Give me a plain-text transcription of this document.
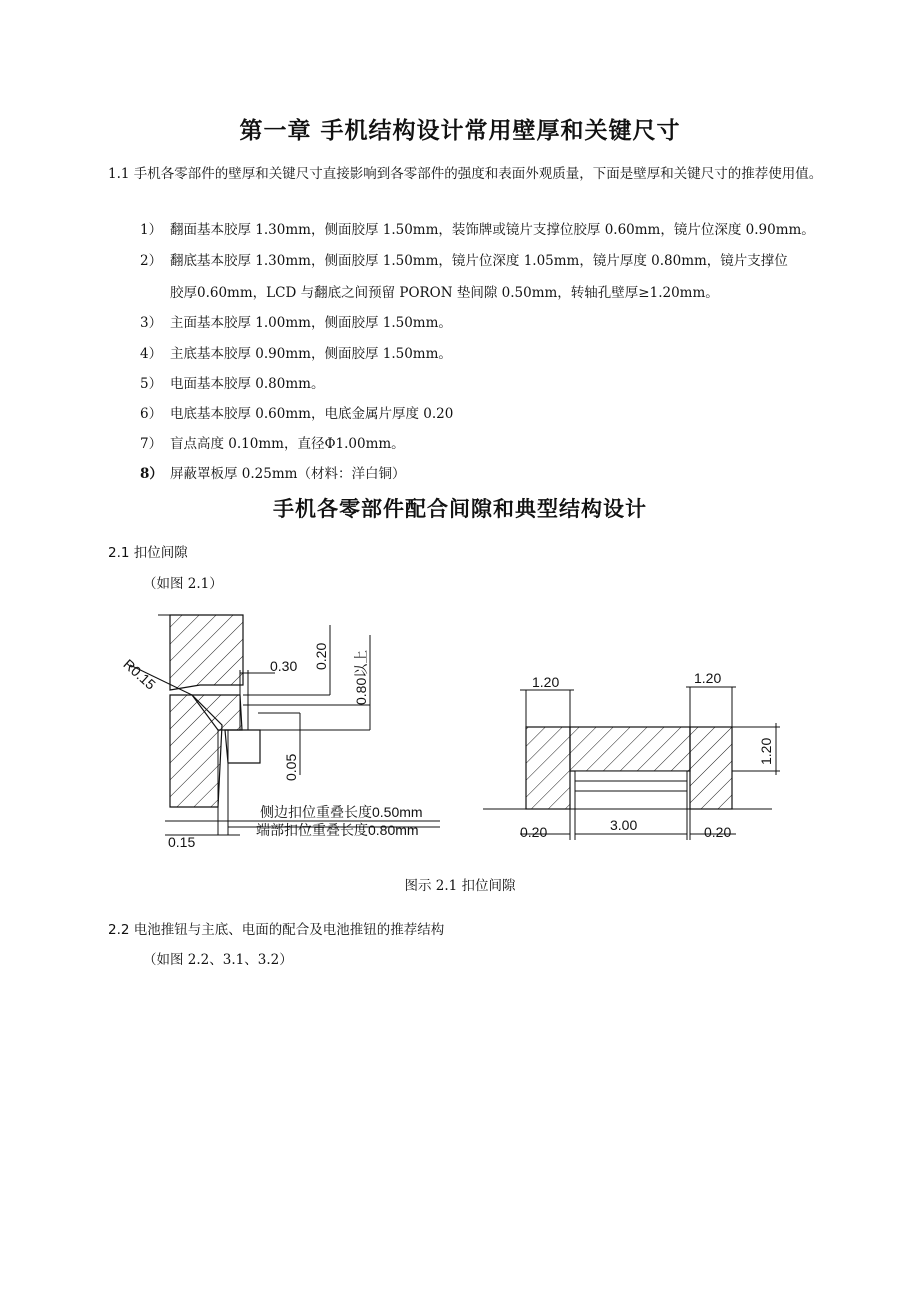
第一章 手机结构设计常用壁厚和关键尺寸
1.1 手机各零部件的壁厚和关键尺寸直接影响到各零部件的强度和表面外观质量，下面是壁厚和关键尺寸的推荐使用值。
1） 翻面基本胶厚 1.30mm，侧面胶厚 1.50mm，装饰牌或镜片支撑位胶厚 0.60mm，镜片位深度 0.90mm。
2） 翻底基本胶厚 1.30mm，侧面胶厚 1.50mm，镜片位深度 1.05mm，镜片厚度 0.80mm，镜片支撑位
胶厚0.60mm，LCD 与翻底之间预留 PORON 垫间隙 0.50mm，转轴孔壁厚≥1.20mm。
3） 主面基本胶厚 1.00mm，侧面胶厚 1.50mm。
4） 主底基本胶厚 0.90mm，侧面胶厚 1.50mm。
5） 电面基本胶厚 0.80mm。
6） 电底基本胶厚 0.60mm，电底金属片厚度 0.20
7） 盲点高度 0.10mm，直径Φ1.00mm。
8） 屏蔽罩板厚 0.25mm（材料：洋白铜）
手机各零部件配合间隙和典型结构设计
2.1 扣位间隙
（如图 2.1）
R0.15	0.30 0.20 0.80以上
0.05
侧边扣位重叠长度0.50mm
端部扣位重叠长度0.80mm
0.15
1.20	1.20
1.20
0.20	3.00	0.20
图示 2.1 扣位间隙
2.2 电池推钮与主底、电面的配合及电池推钮的推荐结构
（如图 2.2、3.1、3.2）
